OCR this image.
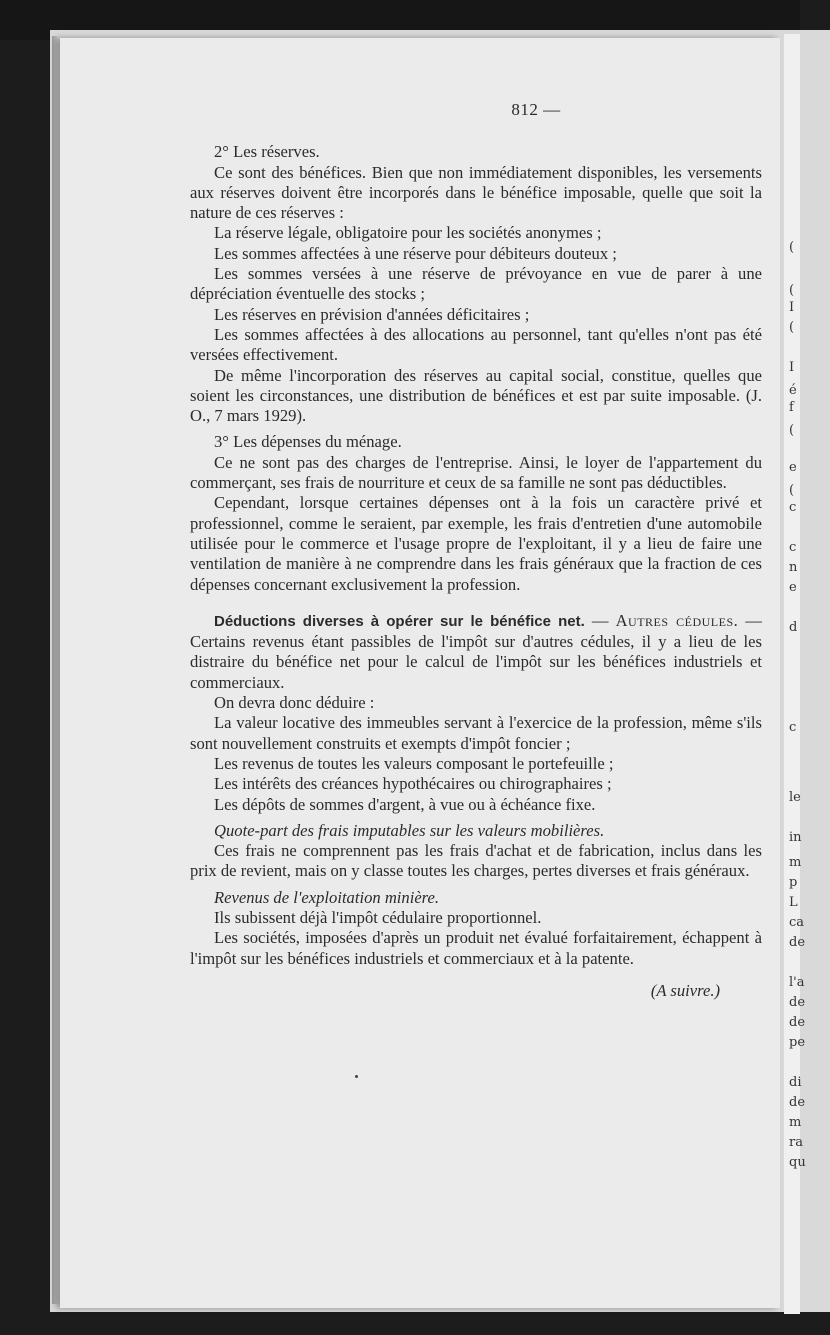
(
(
I
(
I
é
f
(
e
(
c
c
n
e
d
c
le
in
m
p
L
ca
de
l'a
de
de
pe
di
de
m
ra
qu
812 —

2° Les réserves.

Ce sont des bénéfices. Bien que non immédiatement disponibles, les versements aux réserves doivent être incorporés dans le bénéfice imposable, quelle que soit la nature de ces réserves :

La réserve légale, obligatoire pour les sociétés anonymes ;

Les sommes affectées à une réserve pour débiteurs douteux ;

Les sommes versées à une réserve de prévoyance en vue de parer à une dépréciation éventuelle des stocks ;

Les réserves en prévision d'années déficitaires ;

Les sommes affectées à des allocations au personnel, tant qu'elles n'ont pas été versées effectivement.

De même l'incorporation des réserves au capital social, constitue, quelles que soient les circonstances, une distribution de bénéfices et est par suite imposable. (J. O., 7 mars 1929).

3° Les dépenses du ménage.

Ce ne sont pas des charges de l'entreprise. Ainsi, le loyer de l'appartement du commerçant, ses frais de nourriture et ceux de sa famille ne sont pas déductibles.

Cependant, lorsque certaines dépenses ont à la fois un caractère privé et professionnel, comme le seraient, par exemple, les frais d'entretien d'une automobile utilisée pour le commerce et l'usage propre de l'exploitant, il y a lieu de faire une ventilation de manière à ne comprendre dans les frais généraux que la fraction de ces dépenses concernant exclusivement la profession.

Déductions diverses à opérer sur le bénéfice net. — Autres cédules. — Certains revenus étant passibles de l'impôt sur d'autres cédules, il y a lieu de les distraire du bénéfice net pour le calcul de l'impôt sur les bénéfices industriels et commerciaux.

On devra donc déduire :

La valeur locative des immeubles servant à l'exercice de la profession, même s'ils sont nouvellement construits et exempts d'impôt foncier ;

Les revenus de toutes les valeurs composant le portefeuille ;

Les intérêts des créances hypothécaires ou chirographaires ;

Les dépôts de sommes d'argent, à vue ou à échéance fixe.

Quote-part des frais imputables sur les valeurs mobilières.

Ces frais ne comprennent pas les frais d'achat et de fabrication, inclus dans les prix de revient, mais on y classe toutes les charges, pertes diverses et frais généraux.

Revenus de l'exploitation minière.

Ils subissent déjà l'impôt cédulaire proportionnel.

Les sociétés, imposées d'après un produit net évalué forfaitairement, échappent à l'impôt sur les bénéfices industriels et commerciaux et à la patente.

(A suivre.)
